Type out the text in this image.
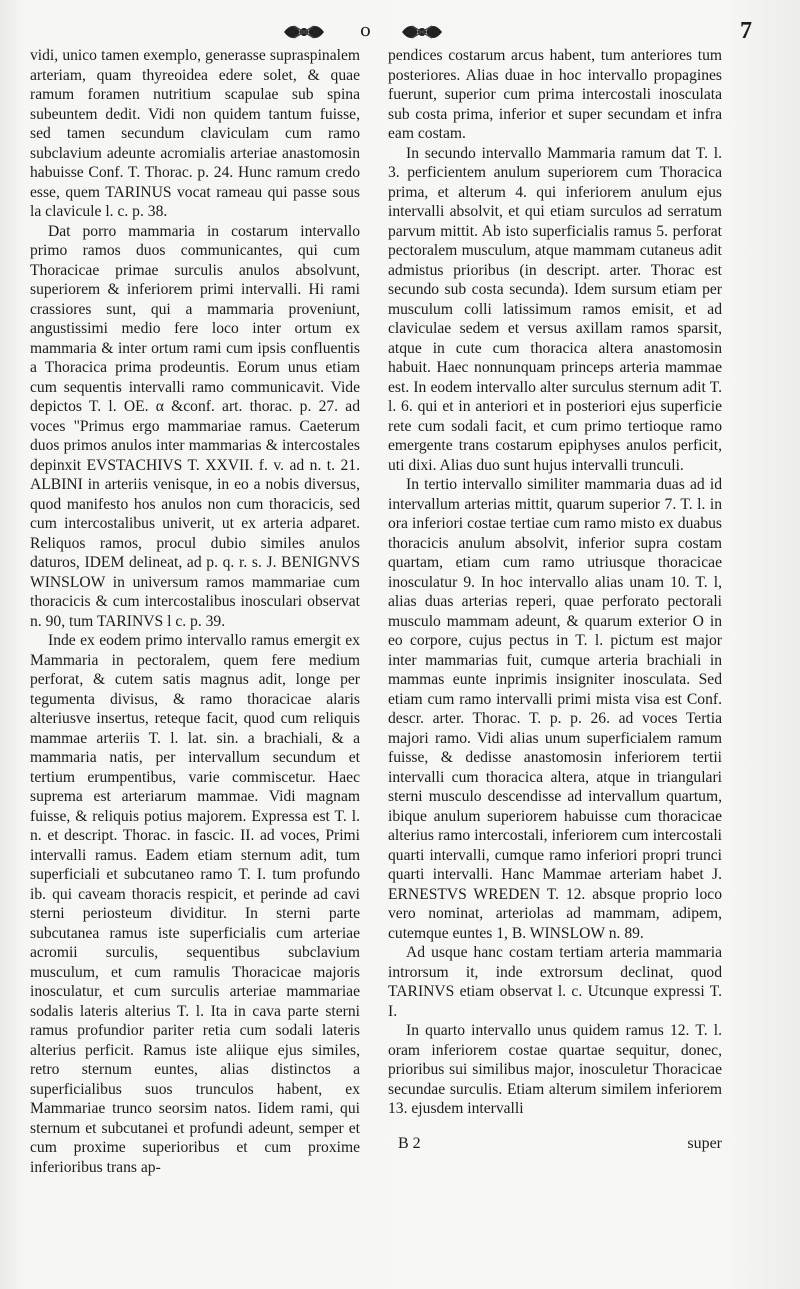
o	7

vidi, unico tamen exemplo, generasse supraspinalem arteriam, quam thyreoidea edere solet, & quae ramum foramen nutritium scapulae sub spina subeuntem dedit. Vidi non quidem tantum fuisse, sed tamen secundum claviculam cum ramo subclavium adeunte acromialis arteriae anastomosin habuisse Conf. T. Thorac. p. 24. Hunc ramum credo esse, quem TARINUS vocat rameau qui passe sous la clavicule l. c. p. 38.

Dat porro mammaria in costarum intervallo primo ramos duos communicantes, qui cum Thoracicae primae surculis anulos absolvunt, superiorem & inferiorem primi intervalli. Hi rami crassiores sunt, qui a mammaria proveniunt, angustissimi medio fere loco inter ortum ex mammaria & inter ortum rami cum ipsis confluentis a Thoracica prima prodeuntis. Eorum unus etiam cum sequentis intervalli ramo communicavit. Vide depictos T. l. OE. α &conf. art. thorac. p. 27. ad voces "Primus ergo mammariae ramus. Caeterum duos primos anulos inter mammarias & intercostales depinxit EVSTACHIVS T. XXVII. f. v. ad n. t. 21. ALBINI in arteriis venisque, in eo a nobis diversus, quod manifesto hos anulos non cum thoracicis, sed cum intercostalibus univerit, ut ex arteria adparet. Reliquos ramos, procul dubio similes anulos daturos, IDEM delineat, ad p. q. r. s. J. BENIGNVS WINSLOW in universum ramos mammariae cum thoracicis & cum intercostalibus inosculari observat n. 90, tum TARINVS l c. p. 39.

Inde ex eodem primo intervallo ramus emergit ex Mammaria in pectoralem, quem fere medium perforat, & cutem satis magnus adit, longe per tegumenta divisus, & ramo thoracicae alaris alteriusve insertus, reteque facit, quod cum reliquis mammae arteriis T. l. lat. sin. a brachiali, & a mammaria natis, per intervallum secundum et tertium erumpentibus, varie commiscetur. Haec suprema est arteriarum mammae. Vidi magnam fuisse, & reliquis potius majorem. Expressa est T. l. n. et descript. Thorac. in fascic. II. ad voces, Primi intervalli ramus. Eadem etiam sternum adit, tum superficiali et subcutaneo ramo T. I. tum profundo ib. qui caveam thoracis respicit, et perinde ad cavi sterni periosteum dividitur. In sterni parte subcutanea ramus iste superficialis cum arteriae acromii surculis, sequentibus subclavium musculum, et cum ramulis Thoracicae majoris inosculatur, et cum surculis arteriae mammariae sodalis lateris alterius T. l. Ita in cava parte sterni ramus profundior pariter retia cum sodali lateris alterius perficit. Ramus iste aliique ejus similes, retro sternum euntes, alias distinctos a superficialibus suos trunculos habent, ex Mammariae trunco seorsim natos. Iidem rami, qui sternum et subcutanei et profundi adeunt, semper et cum proxime superioribus et cum proxime inferioribus trans ap-

pendices costarum arcus habent, tum anteriores tum posteriores. Alias duae in hoc intervallo propagines fuerunt, superior cum prima intercostali inosculata sub costa prima, inferior et super secundam et infra eam costam.

In secundo intervallo Mammaria ramum dat T. l. 3. perficientem anulum superiorem cum Thoracica prima, et alterum 4. qui inferiorem anulum ejus intervalli absolvit, et qui etiam surculos ad serratum parvum mittit. Ab isto superficialis ramus 5. perforat pectoralem musculum, atque mammam cutaneus adit admistus prioribus (in descript. arter. Thorac est secundo sub costa secunda). Idem sursum etiam per musculum colli latissimum ramos emisit, et ad claviculae sedem et versus axillam ramos sparsit, atque in cute cum thoracica altera anastomosin habuit. Haec nonnunquam princeps arteria mammae est. In eodem intervallo alter surculus sternum adit T. l. 6. qui et in anteriori et in posteriori ejus superficie rete cum sodali facit, et cum primo tertioque ramo emergente trans costarum epiphyses anulos perficit, uti dixi. Alias duo sunt hujus intervalli trunculi.

In tertio intervallo similiter mammaria duas ad id intervallum arterias mittit, quarum superior 7. T. l. in ora inferiori costae tertiae cum ramo misto ex duabus thoracicis anulum absolvit, inferior supra costam quartam, etiam cum ramo utriusque thoracicae inosculatur 9. In hoc intervallo alias unam 10. T. l, alias duas arterias reperi, quae perforato pectorali musculo mammam adeunt, & quarum exterior O in eo corpore, cujus pectus in T. l. pictum est major inter mammarias fuit, cumque arteria brachiali in mammas eunte inprimis insigniter inosculata. Sed etiam cum ramo intervalli primi mista visa est Conf. descr. arter. Thorac. T. p. p. 26. ad voces Tertia majori ramo. Vidi alias unum superficialem ramum fuisse, & dedisse anastomosin inferiorem tertii intervalli cum thoracica altera, atque in triangulari sterni musculo descendisse ad intervallum quartum, ibique anulum superiorem habuisse cum thoracicae alterius ramo intercostali, inferiorem cum intercostali quarti intervalli, cumque ramo inferiori propri trunci quarti intervalli. Hanc Mammae arteriam habet J. ERNESTVS WREDEN T. 12. absque proprio loco vero nominat, arteriolas ad mammam, adipem, cutemque euntes 1, B. WINSLOW n. 89.

Ad usque hanc costam tertiam arteria mammaria introrsum it, inde extrorsum declinat, quod TARINVS etiam observat l. c. Utcunque expressi T. I.

In quarto intervallo unus quidem ramus 12. T. l. oram inferiorem costae quartae sequitur, donec, prioribus sui similibus major, inosculetur Thoracicae secundae surculis. Etiam alterum similem inferiorem 13. ejusdem intervalli

B 2	super
